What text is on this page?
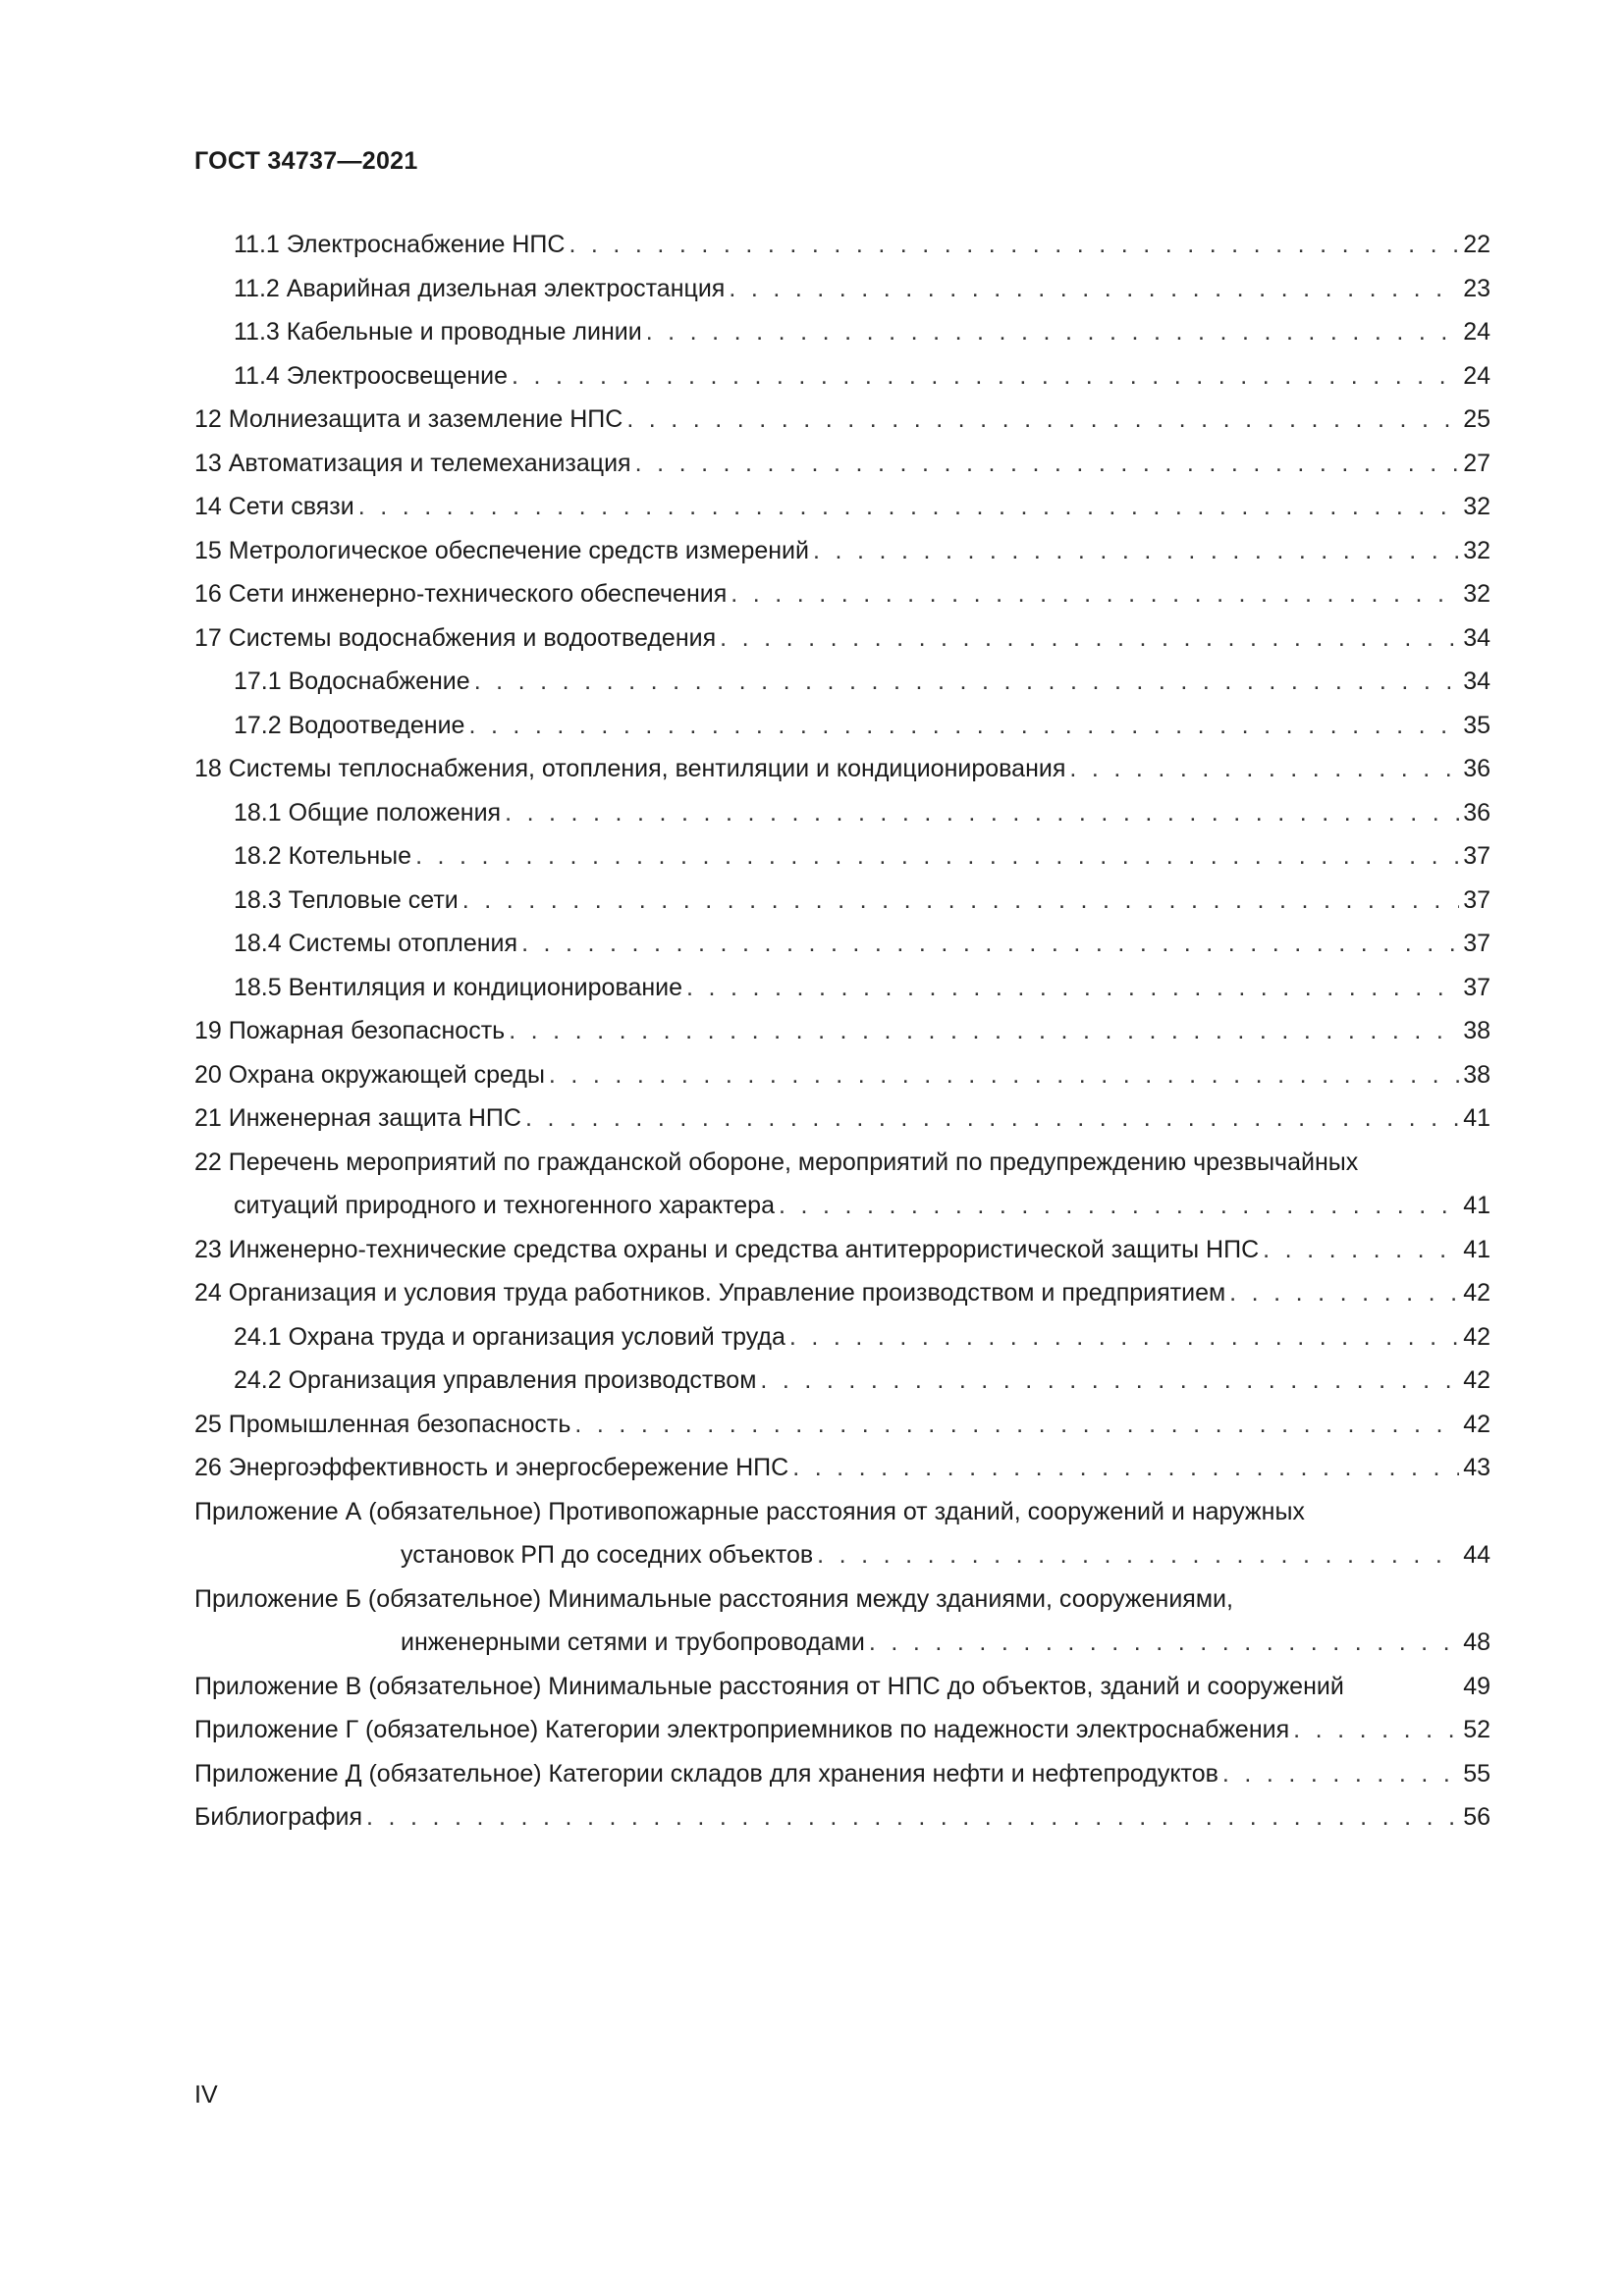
ГОСТ 34737—2021
11.1 Электроснабжение НПС . . .	22
11.2 Аварийная дизельная электростанция . . .	23
11.3 Кабельные и проводные линии . . .	24
11.4 Электроосвещение . . .	24
12 Молниезащита и заземление НПС . . .	25
13 Автоматизация и телемеханизация . . .	27
14 Сети связи . . .	32
15 Метрологическое обеспечение средств измерений . . .	32
16 Сети инженерно-технического обеспечения . . .	32
17 Системы водоснабжения и водоотведения . . .	34
17.1 Водоснабжение . . .	34
17.2 Водоотведение . . .	35
18 Системы теплоснабжения, отопления, вентиляции и кондиционирования . . .	36
18.1 Общие положения . . .	36
18.2 Котельные . . .	37
18.3 Тепловые сети . . .	37
18.4 Системы отопления . . .	37
18.5 Вентиляция и кондиционирование . . .	37
19 Пожарная безопасность . . .	38
20 Охрана окружающей среды . . .	38
21 Инженерная защита НПС . . .	41
22 Перечень мероприятий по гражданской обороне, мероприятий по предупреждению чрезвычайных
ситуаций природного и техногенного характера . . .	41
23 Инженерно-технические средства охраны и средства антитеррористической защиты НПС . . .	41
24 Организация и условия труда работников. Управление производством и предприятием . . .	42
24.1 Охрана труда и организация условий труда . . .	42
24.2 Организация управления производством . . .	42
25 Промышленная безопасность . . .	42
26 Энергоэффективность и энергосбережение НПС . . .	43
Приложение А (обязательное) Противопожарные расстояния от зданий, сооружений и наружных
установок РП до соседних объектов . . .	44
Приложение Б (обязательное) Минимальные расстояния между зданиями, сооружениями,
инженерными сетями и трубопроводами . . .	48
Приложение В (обязательное) Минимальные расстояния от НПС до объектов, зданий и сооружений	49
Приложение Г (обязательное) Категории электроприемников по надежности электроснабжения . . .	52
Приложение Д (обязательное) Категории складов для хранения нефти и нефтепродуктов . . .	55
Библиография . . .	56
IV
